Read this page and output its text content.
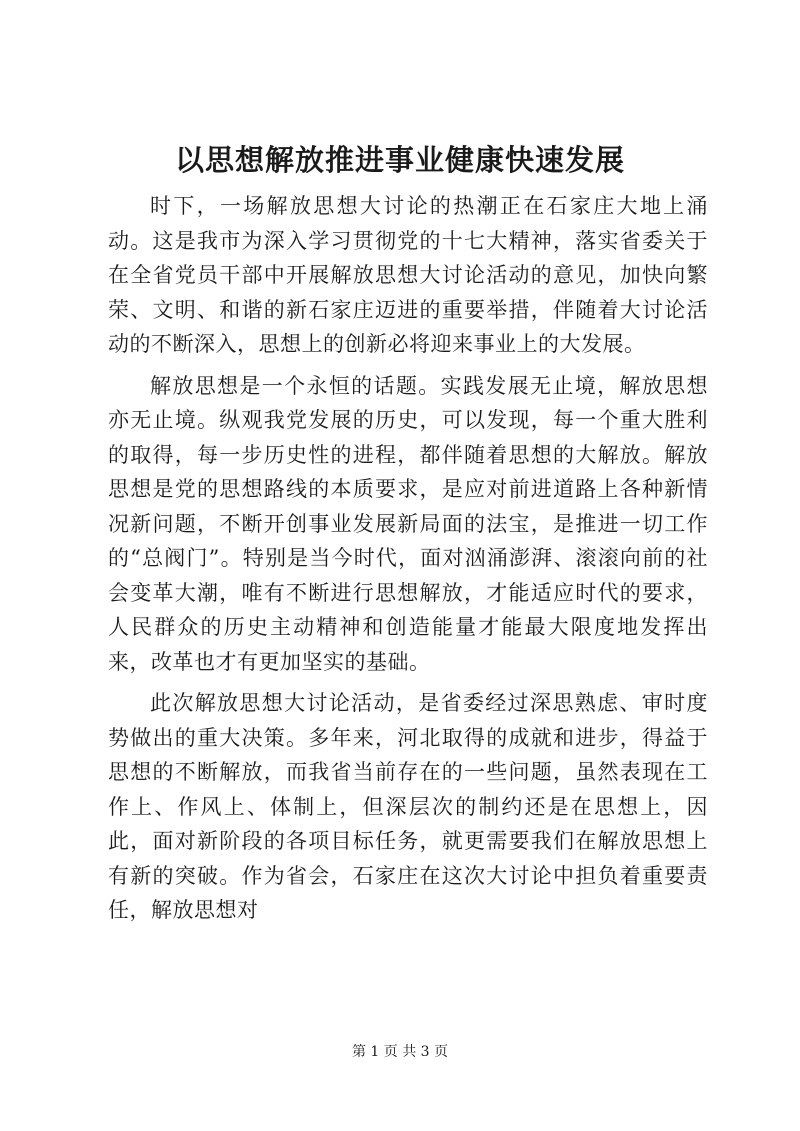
以思想解放推进事业健康快速发展

时下，一场解放思想大讨论的热潮正在石家庄大地上涌动。这是我市为深入学习贯彻党的十七大精神，落实省委关于在全省党员干部中开展解放思想大讨论活动的意见，加快向繁荣、文明、和谐的新石家庄迈进的重要举措，伴随着大讨论活动的不断深入，思想上的创新必将迎来事业上的大发展。

解放思想是一个永恒的话题。实践发展无止境，解放思想亦无止境。纵观我党发展的历史，可以发现，每一个重大胜利的取得，每一步历史性的进程，都伴随着思想的大解放。解放思想是党的思想路线的本质要求，是应对前进道路上各种新情况新问题，不断开创事业发展新局面的法宝，是推进一切工作的“总阀门”。特别是当今时代，面对汹涌澎湃、滚滚向前的社会变革大潮，唯有不断进行思想解放，才能适应时代的要求，人民群众的历史主动精神和创造能量才能最大限度地发挥出来，改革也才有更加坚实的基础。

此次解放思想大讨论活动，是省委经过深思熟虑、审时度势做出的重大决策。多年来，河北取得的成就和进步，得益于思想的不断解放，而我省当前存在的一些问题，虽然表现在工作上、作风上、体制上，但深层次的制约还是在思想上，因此，面对新阶段的各项目标任务，就更需要我们在解放思想上有新的突破。作为省会，石家庄在这次大讨论中担负着重要责任，解放思想对

第 1 页 共 3 页
